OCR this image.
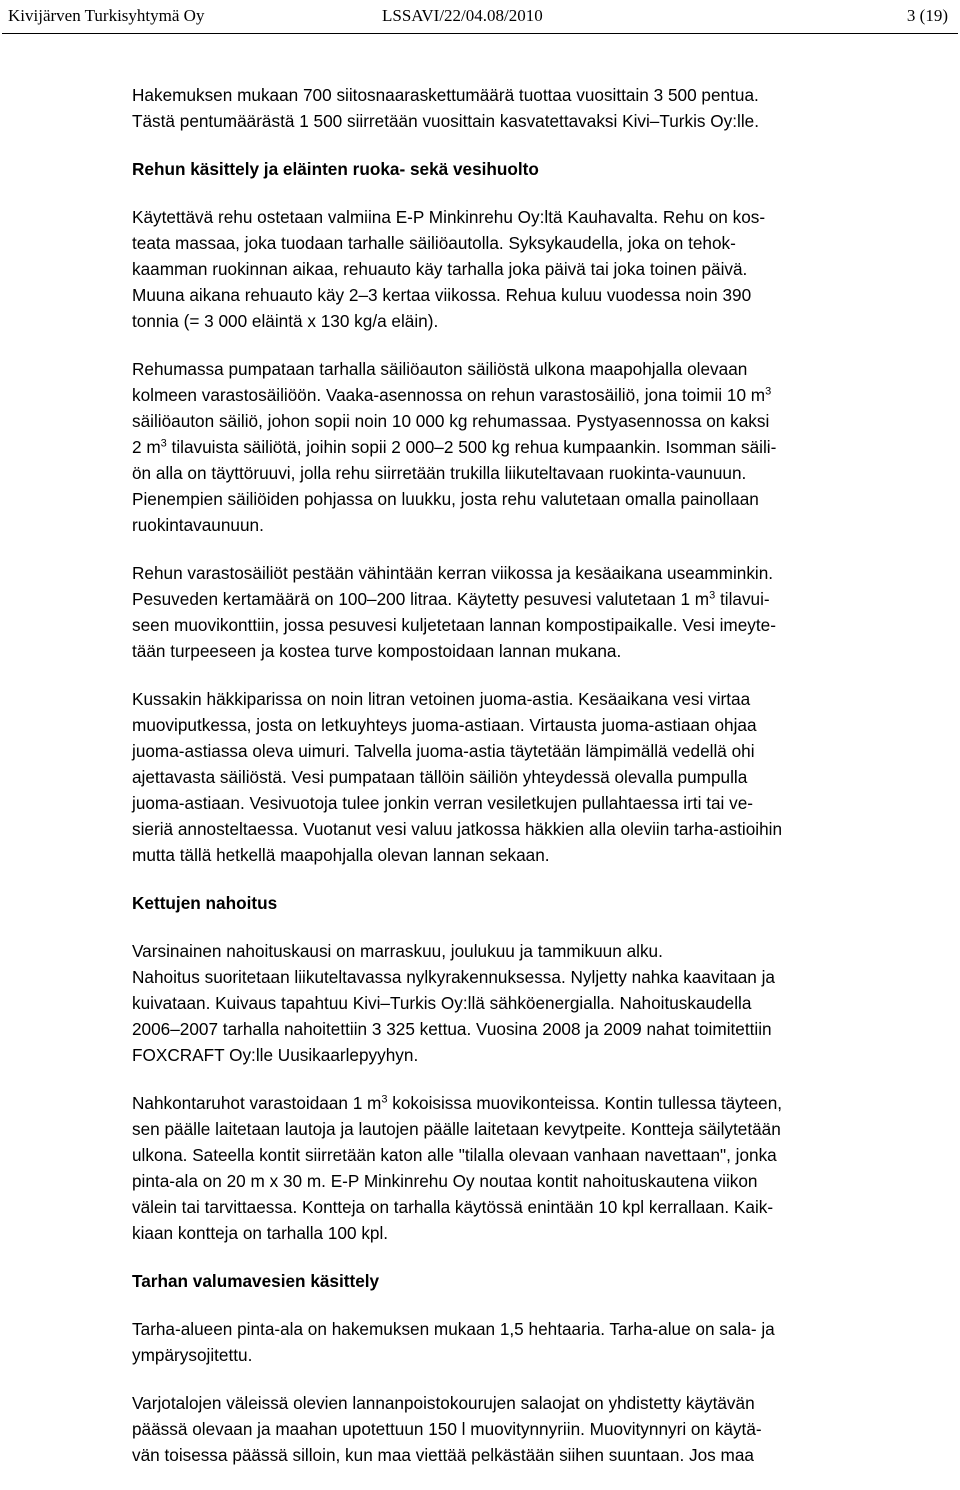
Kivijärven Turkisyhtymä Oy	LSSAVI/22/04.08/2010	3 (19)

Hakemuksen mukaan 700 siitosnaaraskettumäärä tuottaa vuosittain 3 500 pentua.
Tästä pentumäärästä 1 500 siirretään vuosittain kasvatettavaksi Kivi–Turkis Oy:lle.

Rehun käsittely ja eläinten ruoka- sekä vesihuolto

Käytettävä rehu ostetaan valmiina E-P Minkinrehu Oy:ltä Kauhavalta. Rehu on kos-
teata massaa, joka tuodaan tarhalle säiliöautolla. Syksykaudella, joka on tehok-
kaamman ruokinnan aikaa, rehuauto käy tarhalla joka päivä tai joka toinen päivä.
Muuna aikana rehuauto käy 2–3 kertaa viikossa. Rehua kuluu vuodessa noin 390
tonnia (= 3 000 eläintä x 130 kg/a eläin).

Rehumassa pumpataan tarhalla säiliöauton säiliöstä ulkona maapohjalla olevaan
kolmeen varastosäiliöön. Vaaka-asennossa on rehun varastosäiliö, jona toimii 10 $m^3$
säiliöauton säiliö, johon sopii noin 10 000 kg rehumassaa. Pystyasennossa on kaksi
2 $m^3$ tilavuista säiliötä, joihin sopii 2 000–2 500 kg rehua kumpaankin. Isomman säili-
ön alla on täyttöruuvi, jolla rehu siirretään trukilla liikuteltavaan ruokinta-vaunuun.
Pienempien säiliöiden pohjassa on luukku, josta rehu valutetaan omalla painollaan
ruokintavaunuun.

Rehun varastosäiliöt pestään vähintään kerran viikossa ja kesäaikana useamminkin.
Pesuveden kertamäärä on 100–200 litraa. Käytetty pesuvesi valutetaan 1 $m^3$ tilavui-
seen muovikonttiin, jossa pesuvesi kuljetetaan lannan kompostipaikalle. Vesi imeyte-
tään turpeeseen ja kostea turve kompostoidaan lannan mukana.

Kussakin häkkiparissa on noin litran vetoinen juoma-astia. Kesäaikana vesi virtaa
muoviputkessa, josta on letkuyhteys juoma-astiaan. Virtausta juoma-astiaan ohjaa
juoma-astiassa oleva uimuri. Talvella juoma-astia täytetään lämpimällä vedellä ohi
ajettavasta säiliöstä. Vesi pumpataan tällöin säiliön yhteydessä olevalla pumpulla
juoma-astiaan. Vesivuotoja tulee jonkin verran vesiletkujen pullahtaessa irti tai ve-
sieriä annosteltaessa. Vuotanut vesi valuu jatkossa häkkien alla oleviin tarha-astioihin
mutta tällä hetkellä maapohjalla olevan lannan sekaan.

Kettujen nahoitus

Varsinainen nahoituskausi on marraskuu, joulukuu ja tammikuun alku.

Nahoitus suoritetaan liikuteltavassa nylkyrakennuksessa. Nyljetty nahka kaavitaan ja
kuivataan. Kuivaus tapahtuu Kivi–Turkis Oy:llä sähköenergialla. Nahoituskaudella
2006–2007 tarhalla nahoitettiin 3 325 kettua. Vuosina 2008 ja 2009 nahat toimitettiin
FOXCRAFT Oy:lle Uusikaarlepyyhyn.

Nahkontaruhot varastoidaan 1 $m^3$ kokoisissa muovikonteissa. Kontin tullessa täyteen,
sen päälle laitetaan lautoja ja lautojen päälle laitetaan kevytpeite. Kontteja säilytetään
ulkona. Sateella kontit siirretään katon alle "tilalla olevaan vanhaan navettaan", jonka
pinta-ala on 20 m x 30 m. E-P Minkinrehu Oy noutaa kontit nahoituskautena viikon
välein tai tarvittaessa. Kontteja on tarhalla käytössä enintään 10 kpl kerrallaan. Kaik-
kiaan kontteja on tarhalla 100 kpl.

Tarhan valumavesien käsittely

Tarha-alueen pinta-ala on hakemuksen mukaan 1,5 hehtaaria. Tarha-alue on sala- ja
ympärysojitettu.

Varjotalojen väleissä olevien lannanpoistokourujen salaojat on yhdistetty käytävän
päässä olevaan ja maahan upotettuun 150 l muovitynnyriin. Muovitynnyri on käytä-
vän toisessa päässä silloin, kun maa viettää pelkästään siihen suuntaan. Jos maa
